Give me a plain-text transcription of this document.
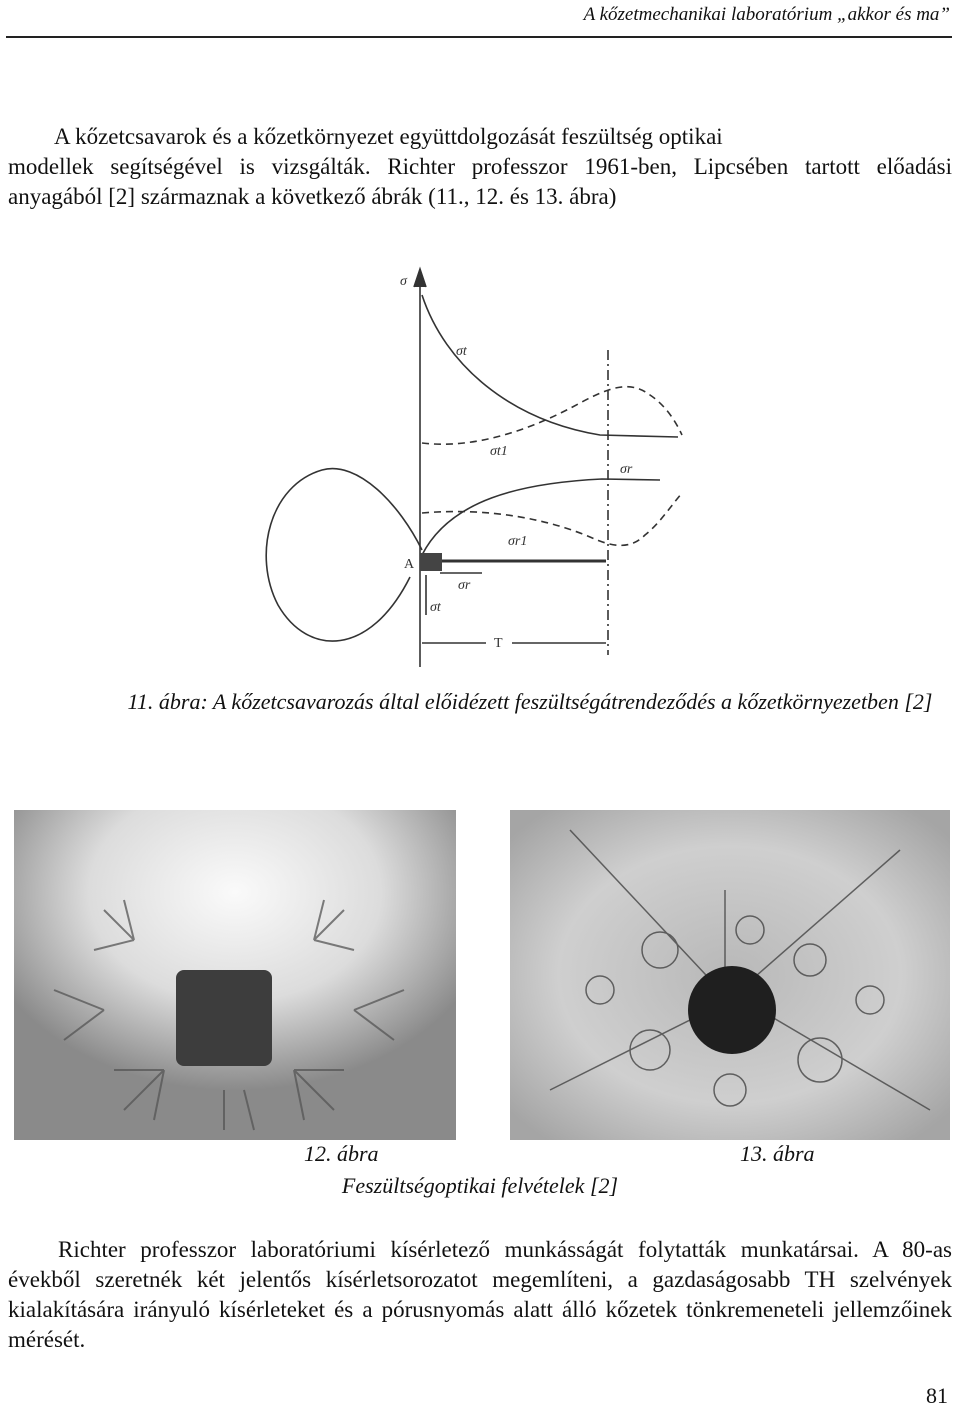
A kőzetmechanikai laboratórium „akkor és ma”

A kőzetcsavarok és a kőzetkörnyezet együttdolgozását feszültség optikai
modellek segítségével is vizsgálták. Richter professzor 1961-ben, Lipcsében tartott előadási anyagából [2] származnak a következő ábrák (11., 12. és 13. ábra)

σ
σt
σt1
σr
σr1
A
σr
σt
T
11. ábra: A kőzetcsavarozás által előidézett feszültségátrendeződés a kőzetkörnyezetben [2]
12. ábra	13. ábra
Feszültségoptikai felvételek [2]

Richter professzor laboratóriumi kísérletező munkásságát folytatták munkatársai. A 80-as évekből szeretnék két jelentős kísérletsorozatot megemlíteni, a gazdaságosabb TH szelvények kialakítására irányuló kísérleteket és a pórusnyomás alatt álló kőzetek tönkremeneteli jellemzőinek mérését.

81
